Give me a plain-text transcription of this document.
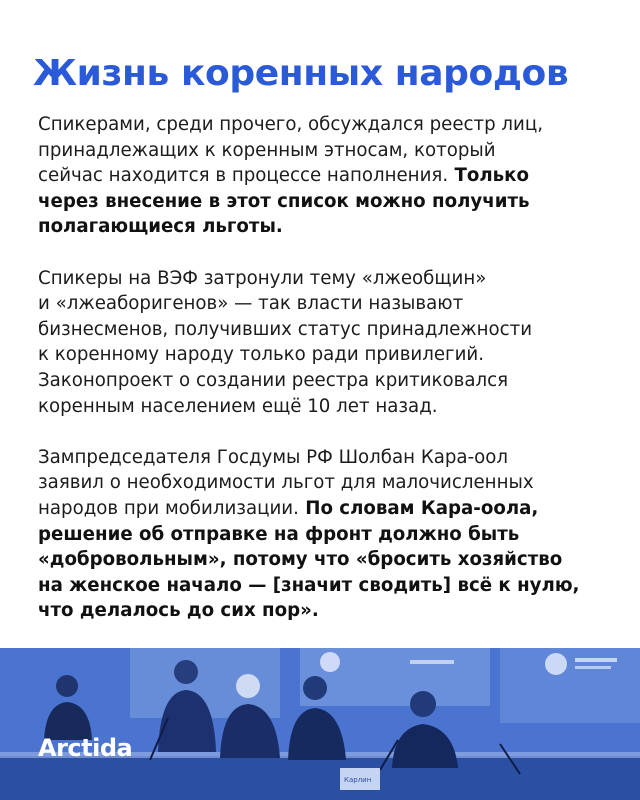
Жизнь коренных народов

Спикерами, среди прочего, обсуждался реестр лиц,
принадлежащих к коренным этносам, который
сейчас находится в процессе наполнения. Только
через внесение в этот список можно получить
полагающиеся льготы.

Спикеры на ВЭФ затронули тему «лжеобщин»
и «лжеаборигенов» — так власти называют
бизнесменов, получивших статус принадлежности
к коренному народу только ради привилегий.
Законопроект о создании реестра критиковался
коренным населением ещё 10 лет назад.

Зампредседателя Госдумы РФ Шолбан Кара-оол
заявил о необходимости льгот для малочисленных
народов при мобилизации. По словам Кара-оола,
решение об отправке на фронт должно быть
«добровольным», потому что «бросить хозяйство
на женское начало — [значит сводить] всё к нулю,
что делалось до сих пор».

Карлин
Arctida
